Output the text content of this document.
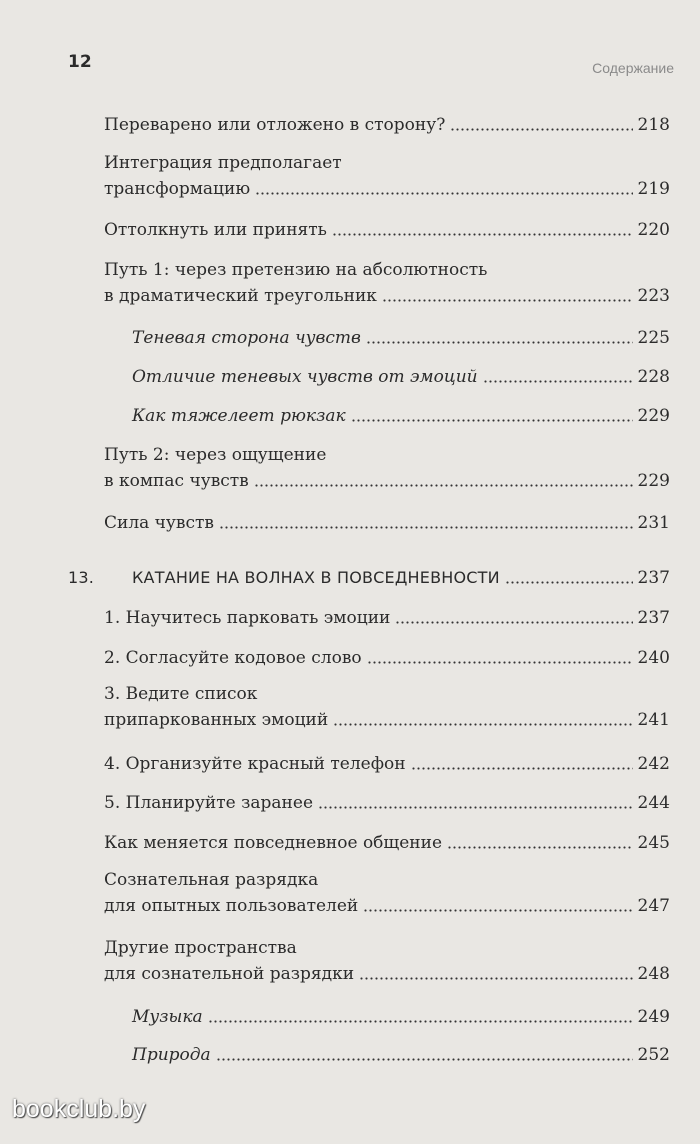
12	Содержание
Переварено или отложено в сторону?	218
Интеграция предполагает
трансформацию	219
Оттолкнуть или принять	220
Путь 1: через претензию на абсолютность
в драматический треугольник	223
Теневая сторона чувств	225
Отличие теневых чувств от эмоций	228
Как тяжелеет рюкзак	229
Путь 2: через ощущение
в компас чувств	229
Сила чувств	231
13. КАТАНИЕ НА ВОЛНАХ В ПОВСЕДНЕВНОСТИ	237
1. Научитесь парковать эмоции	237
2. Согласуйте кодовое слово	240
3. Ведите список
припаркованных эмоций	241
4. Организуйте красный телефон	242
5. Планируйте заранее	244
Как меняется повседневное общение	245
Сознательная разрядка
для опытных пользователей	247
Другие пространства
для сознательной разрядки	248
Музыка	249
Природа	252
bookclub.by
